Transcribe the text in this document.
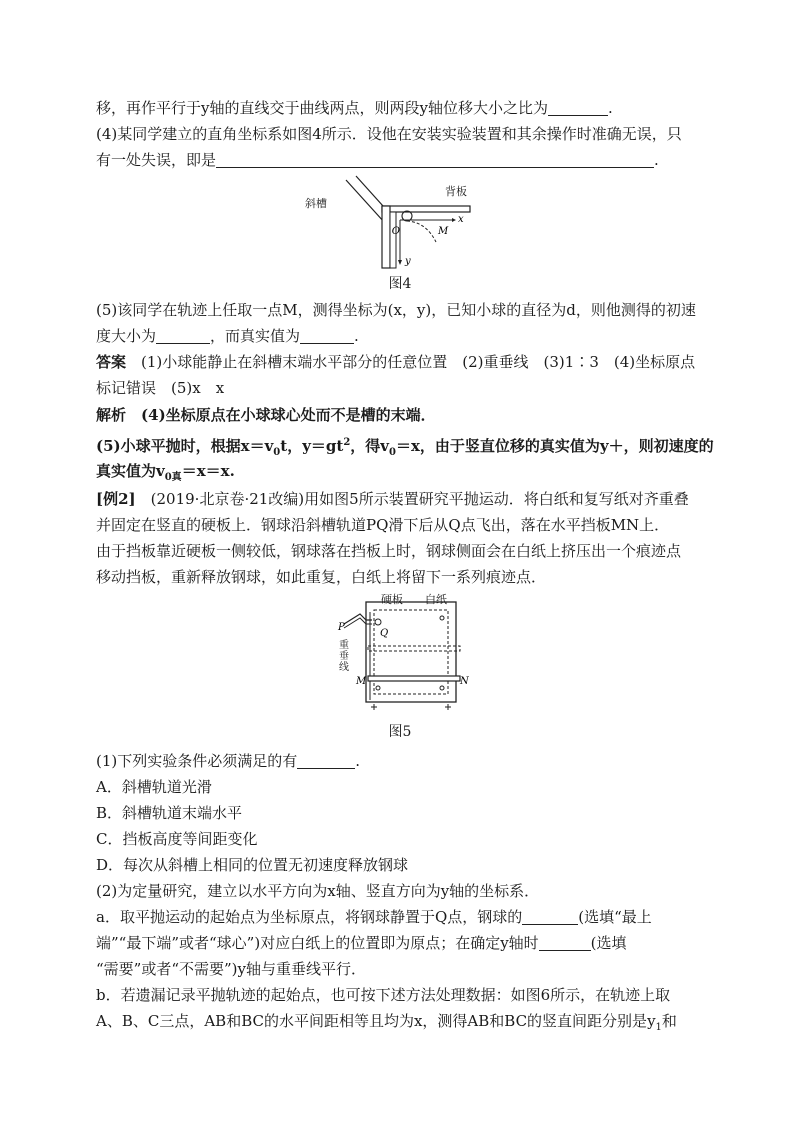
移，再作平行于y轴的直线交于曲线两点，则两段y轴位移大小之比为	.
(4)某同学建立的直角坐标系如图4所示．设他在安装实验装置和其余操作时准确无误，只
有一处失误，即是	.
x
y
O	M
斜槽
背板
图4
(5)该同学在轨迹上任取一点M，测得坐标为(x，y)，已知小球的直径为d，则他测得的初速
度大小为	，而真实值为	.
答案　 (1)小球能静止在斜槽末端水平部分的任意位置　(2)重垂线　(3)1∶3　(4)坐标原点
标记错误　(5)x　x
解析　 (4)坐标原点在小球球心处而不是槽的末端．
(5)小球平抛时，根据$x=v_0t$，$y=gt^2$，得$v_0=x$，由于竖直位移的真实值为y＋，则初速度的
真实值为$v_{0真}=x=x$.
[例2]　 (2019·北京卷·21改编)用如图5所示装置研究平抛运动．将白纸和复写纸对齐重叠
并固定在竖直的硬板上．钢球沿斜槽轨道PQ滑下后从Q点飞出，落在水平挡板MN上．
由于挡板靠近硬板一侧较低，钢球落在挡板上时，钢球侧面会在白纸上挤压出一个痕迹点
移动挡板，重新释放钢球，如此重复，白纸上将留下一系列痕迹点．
P
Q
M	N
硬板 白纸
重垂线
图5
(1)下列实验条件必须满足的有	.
A．斜槽轨道光滑
B．斜槽轨道末端水平
C．挡板高度等间距变化
D．每次从斜槽上相同的位置无初速度释放钢球
(2)为定量研究，建立以水平方向为x轴、竖直方向为y轴的坐标系．
a．取平抛运动的起始点为坐标原点，将钢球静置于Q点，钢球的	(选填“最上
端”“最下端”或者“球心”)对应白纸上的位置即为原点；在确定y轴时	(选填
“需要”或者“不需要”)y轴与重垂线平行．
b．若遗漏记录平抛轨迹的起始点，也可按下述方法处理数据：如图6所示，在轨迹上取
A、B、C三点，AB和BC的水平间距相等且均为x，测得AB和BC的竖直间距分别是$y_1$和
